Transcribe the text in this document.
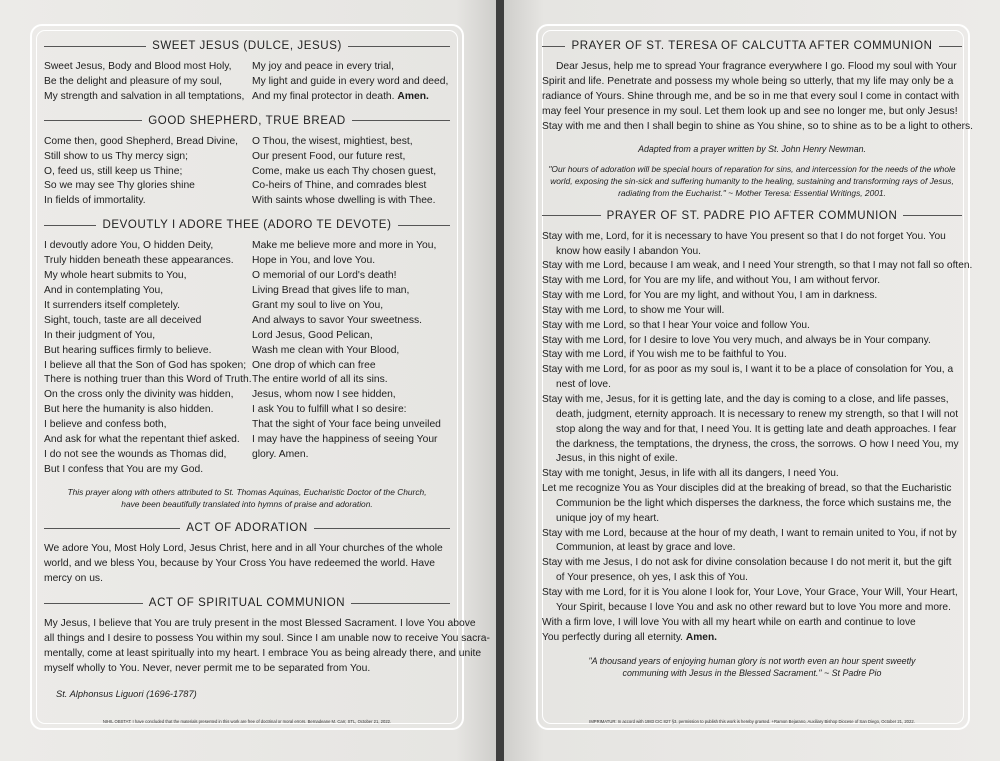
SWEET JESUS (DULCE, JESUS)
Sweet Jesus, Body and Blood most Holy,
Be the delight and pleasure of my soul,
My strength and salvation in all temptations,
My joy and peace in every trial,
My light and guide in every word and deed,
And my final protector in death. Amen.
GOOD SHEPHERD, TRUE BREAD
Come then, good Shepherd, Bread Divine,
Still show to us Thy mercy sign;
O, feed us, still keep us Thine;
So we may see Thy glories shine
In fields of immortality.
O Thou, the wisest, mightiest, best,
Our present Food, our future rest,
Come, make us each Thy chosen guest,
Co-heirs of Thine, and comrades blest
With saints whose dwelling is with Thee.
DEVOUTLY I ADORE THEE (ADORO TE DEVOTE)
I devoutly adore You, O hidden Deity,
Truly hidden beneath these appearances.
My whole heart submits to You,
And in contemplating You,
It surrenders itself completely.
Sight, touch, taste are all deceived
In their judgment of You,
But hearing suffices firmly to believe.
I believe all that the Son of God has spoken;
There is nothing truer than this Word of Truth.
On the cross only the divinity was hidden,
But here the humanity is also hidden.
I believe and confess both,
And ask for what the repentant thief asked.
I do not see the wounds as Thomas did,
But I confess that You are my God.
Make me believe more and more in You,
Hope in You, and love You.
O memorial of our Lord's death!
Living Bread that gives life to man,
Grant my soul to live on You,
And always to savor Your sweetness.
Lord Jesus, Good Pelican,
Wash me clean with Your Blood,
One drop of which can free
The entire world of all its sins.
Jesus, whom now I see hidden,
I ask You to fulfill what I so desire:
That the sight of Your face being unveiled
I may have the happiness of seeing Your
glory. Amen.
This prayer along with others attributed to St. Thomas Aquinas, Eucharistic Doctor of the Church, have been beautifully translated into hymns of praise and adoration.
ACT OF ADORATION
We adore You, Most Holy Lord, Jesus Christ, here and in all Your churches of the whole world, and we bless You, because by Your Cross You have redeemed the world. Have mercy on us.
ACT OF SPIRITUAL COMMUNION
My Jesus, I believe that You are truly present in the most Blessed Sacrament. I love You above
all things and I desire to possess You within my soul. Since I am unable now to receive You sacra-
mentally, come at least spiritually into my heart. I embrace You as being already there, and unite
myself wholly to You. Never, never permit me to be separated from You.
St. Alphonsus Liguori (1696-1787)
NIHIL OBSTAT: I have concluded that the materials presented in this work are free of doctrinal or moral errors. Bernadeane M. Carr, STL, October 21, 2022.
PRAYER OF ST. TERESA OF CALCUTTA AFTER COMMUNION
Dear Jesus, help me to spread Your fragrance everywhere I go. Flood my soul with Your
Spirit and life. Penetrate and possess my whole being so utterly, that my life may only be a
radiance of Yours. Shine through me, and be so in me that every soul I come in contact with
may feel Your presence in my soul. Let them look up and see no longer me, but only Jesus!
Stay with me and then I shall begin to shine as You shine, so to shine as to be a light to others.
Adapted from a prayer written by St. John Henry Newman.
"Our hours of adoration will be special hours of reparation for sins, and intercession for the needs of the whole world, exposing the sin-sick and suffering humanity to the healing, sustaining and transforming rays of Jesus, radiating from the Eucharist." ~ Mother Teresa: Essential Writings, 2001.
PRAYER OF ST. PADRE PIO AFTER COMMUNION
Stay with me, Lord, for it is necessary to have You present so that I do not forget You. You
know how easily I abandon You.
Stay with me Lord, because I am weak, and I need Your strength, so that I may not fall so often.
Stay with me Lord, for You are my life, and without You, I am without fervor.
Stay with me Lord, for You are my light, and without You, I am in darkness.
Stay with me Lord, to show me Your will.
Stay with me Lord, so that I hear Your voice and follow You.
Stay with me Lord, for I desire to love You very much, and always be in Your company.
Stay with me Lord, if You wish me to be faithful to You.
Stay with me Lord, for as poor as my soul is, I want it to be a place of consolation for You, a
nest of love.
Stay with me, Jesus, for it is getting late, and the day is coming to a close, and life passes,
death, judgment, eternity approach. It is necessary to renew my strength, so that I will not
stop along the way and for that, I need You. It is getting late and death approaches. I fear
the darkness, the temptations, the dryness, the cross, the sorrows. O how I need You, my
Jesus, in this night of exile.
Stay with me tonight, Jesus, in life with all its dangers, I need You.
Let me recognize You as Your disciples did at the breaking of bread, so that the Eucharistic
Communion be the light which disperses the darkness, the force which sustains me, the
unique joy of my heart.
Stay with me Lord, because at the hour of my death, I want to remain united to You, if not by
Communion, at least by grace and love.
Stay with me Jesus, I do not ask for divine consolation because I do not merit it, but the gift
of Your presence, oh yes, I ask this of You.
Stay with me Lord, for it is You alone I look for, Your Love, Your Grace, Your Will, Your Heart,
Your Spirit, because I love You and ask no other reward but to love You more and more.
With a firm love, I will love You with all my heart while on earth and continue to love
You perfectly during all eternity. Amen.
"A thousand years of enjoying human glory is not worth even an hour spent sweetly communing with Jesus in the Blessed Sacrament." ~ St Padre Pio
IMPRIMATUR: In accord with 1983 CIC 827 §3, permission to publish this work is hereby granted. +Ramon Bejarano, Auxiliary Bishop Diocese of San Diego, October 21, 2022.
